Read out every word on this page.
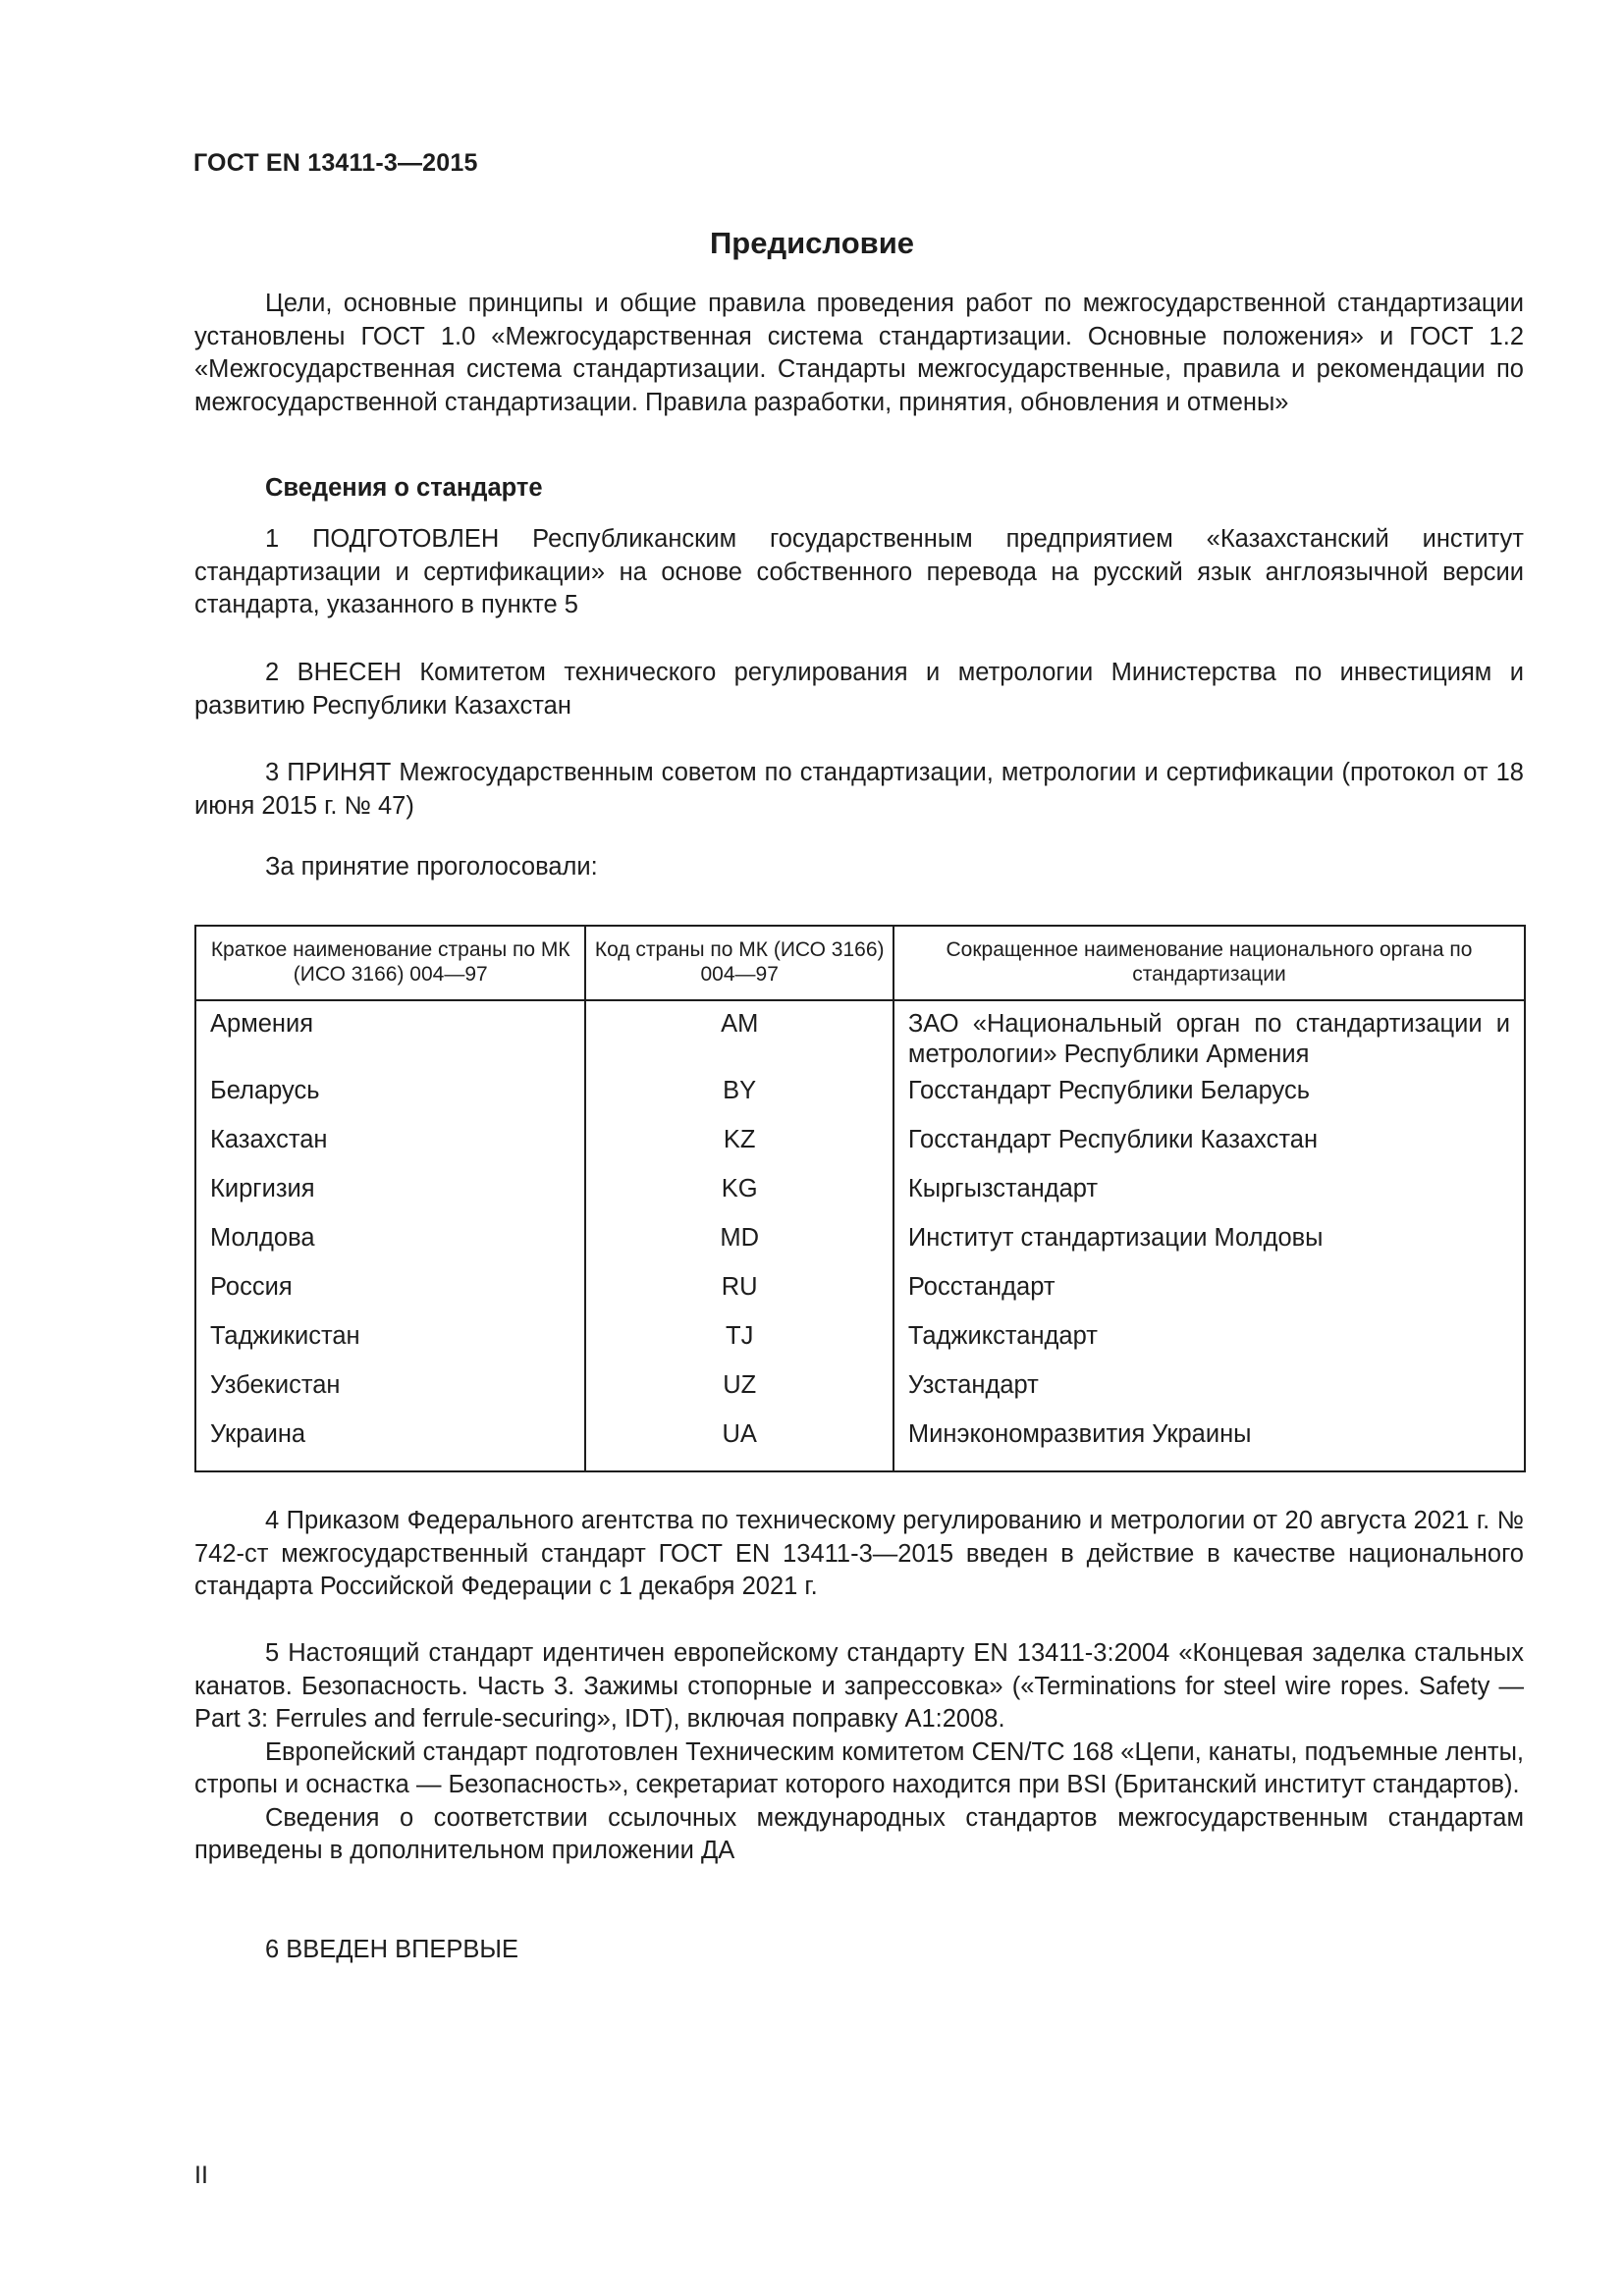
ГОСТ EN 13411-3—2015
Предисловие

Цели, основные принципы и общие правила проведения работ по межгосударственной стандартизации установлены ГОСТ 1.0 «Межгосударственная система стандартизации. Основные положения» и ГОСТ 1.2 «Межгосударственная система стандартизации. Стандарты межгосударственные, правила и рекомендации по межгосударственной стандартизации. Правила разработки, принятия, обновления и отмены»

Сведения о стандарте

1 ПОДГОТОВЛЕН Республиканским государственным предприятием «Казахстанский институт стандартизации и сертификации» на основе собственного перевода на русский язык англоязычной версии стандарта, указанного в пункте 5

2 ВНЕСЕН Комитетом технического регулирования и метрологии Министерства по инвестициям и развитию Республики Казахстан

3 ПРИНЯТ Межгосударственным советом по стандартизации, метрологии и сертификации (протокол от 18 июня 2015 г. № 47)

За принятие проголосовали:
Краткое наименование страны по МК (ИСО 3166) 004—97	Код страны по МК (ИСО 3166) 004—97	Сокращенное наименование национального органа по стандартизации
Армения	AM	ЗАО «Национальный орган по стандартизации и метрологии» Республики Армения
Беларусь	BY	Госстандарт Республики Беларусь
Казахстан	KZ	Госстандарт Республики Казахстан
Киргизия	KG	Кыргызстандарт
Молдова	MD	Институт стандартизации Молдовы
Россия	RU	Росстандарт
Таджикистан	TJ	Таджикстандарт
Узбекистан	UZ	Узстандарт
Украина	UA	Минэкономразвития Украины

4 Приказом Федерального агентства по техническому регулированию и метрологии от 20 августа 2021 г. № 742-ст межгосударственный стандарт ГОСТ EN 13411-3—2015 введен в действие в качестве национального стандарта Российской Федерации с 1 декабря 2021 г.

5 Настоящий стандарт идентичен европейскому стандарту EN 13411-3:2004 «Концевая заделка стальных канатов. Безопасность. Часть 3. Зажимы стопорные и запрессовка» («Terminations for steel wire ropes. Safety — Part 3: Ferrules and ferrule-securing», IDT), включая поправку A1:2008.

Европейский стандарт подготовлен Техническим комитетом CEN/TC 168 «Цепи, канаты, подъемные ленты, стропы и оснастка — Безопасность», секретариат которого находится при BSI (Британский институт стандартов).

Сведения о соответствии ссылочных международных стандартов межгосударственным стандартам приведены в дополнительном приложении ДА

6 ВВЕДЕН ВПЕРВЫЕ

II
